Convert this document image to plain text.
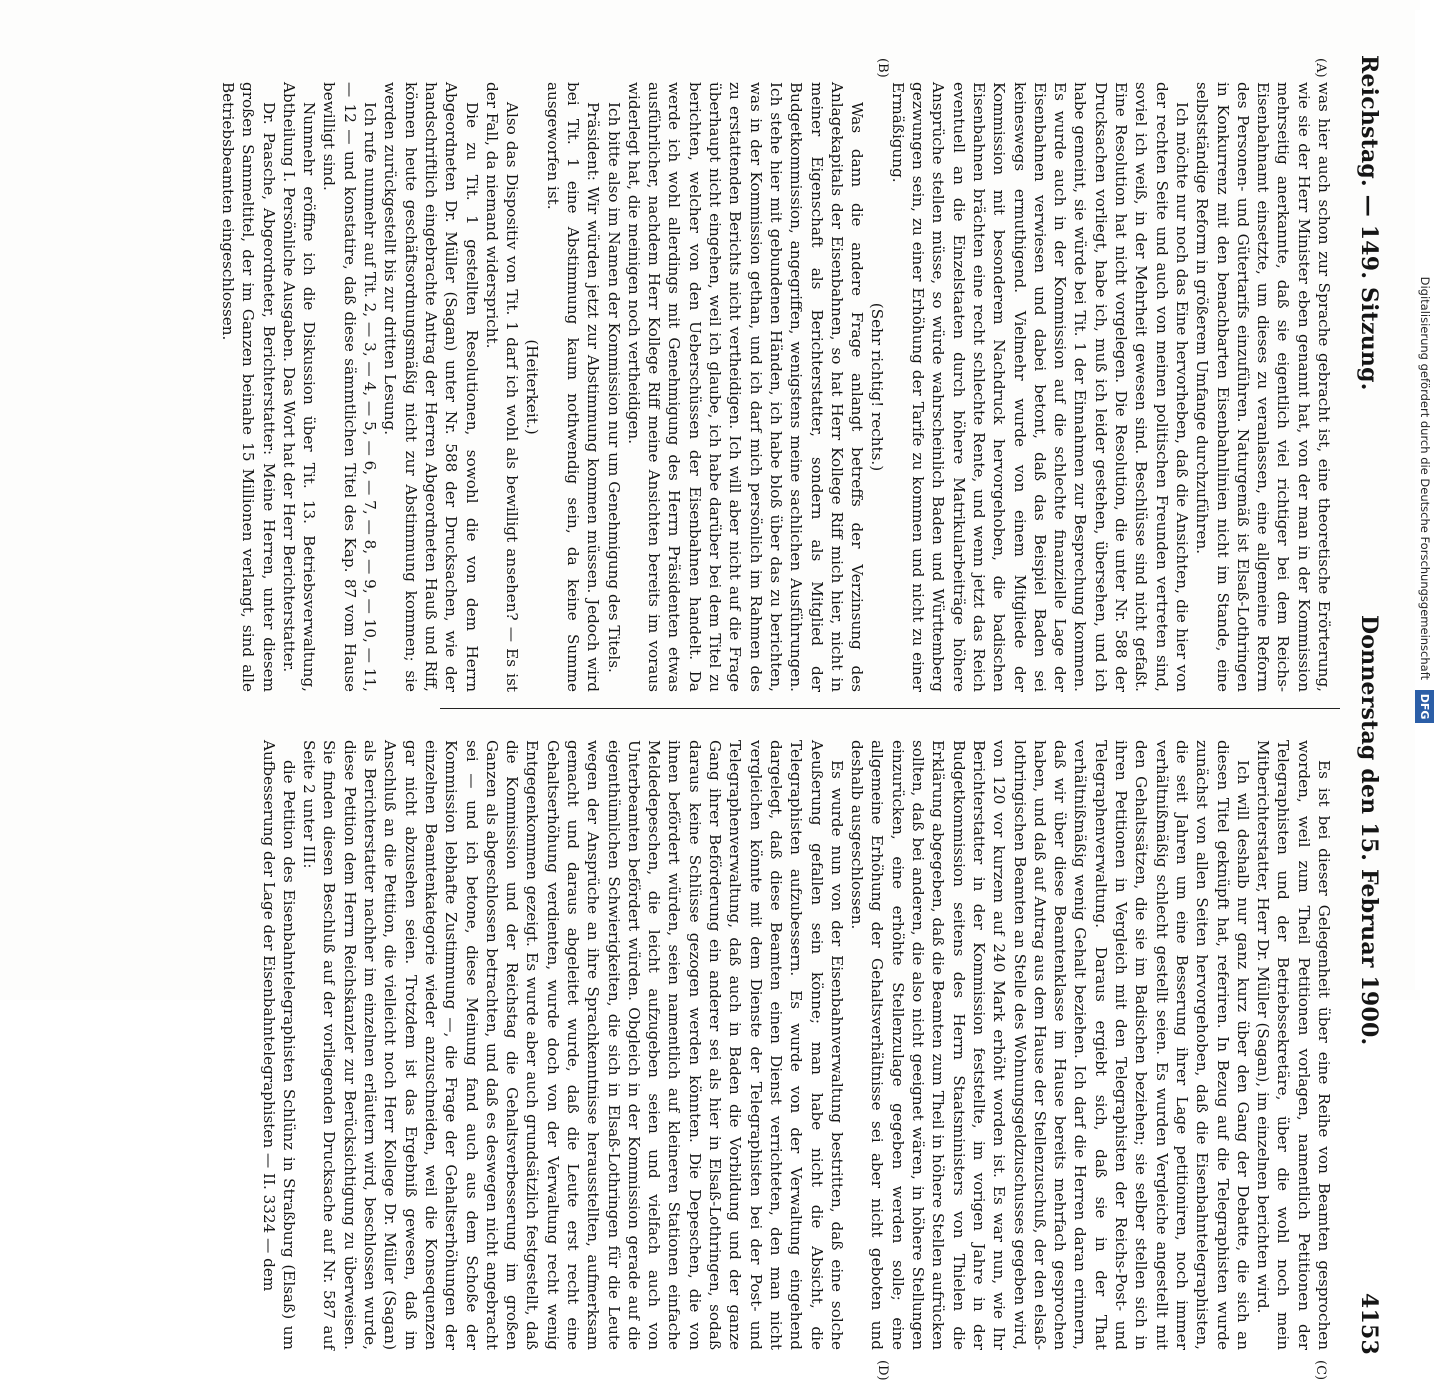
Reichstag. — 149. Sitzung.
Donnerstag den 15. Februar 1900.
4153
(A)
(B)
(C)
(D)

was hier auch schon zur Sprache gebracht ist, eine theoretische Erörterung, wie sie der Herr Minister eben genannt hat, von der man in der Kommission mehrseitig anerkannte, daß sie eigentlich viel richtiger bei dem Reichs-Eisenbahnamt einsetzte, um dieses zu veranlassen, eine allgemeine Reform des Personen- und Gütertarifs einzuführen. Naturgemäß ist Elsaß-Lothringen in Konkurrenz mit den benachbarten Eisenbahnlinien nicht im Stande, eine selbstständige Reform in größerem Umfange durchzuführen.

Ich möchte nur noch das Eine hervorheben, daß die Ansichten, die hier von der rechten Seite und auch von meinen politischen Freunden vertreten sind, soviel ich weiß, in der Mehrheit gewesen sind. Beschlüsse sind nicht gefaßt. Eine Resolution hat nicht vorgelegen. Die Resolution, die unter Nr. 588 der Drucksachen vorliegt, habe ich, muß ich leider gestehen, übersehen, und ich habe gemeint, sie würde bei Tit. 1 der Einnahmen zur Besprechung kommen. Es wurde auch in der Kommission auf die schlechte finanzielle Lage der Eisenbahnen verwiesen und dabei betont, daß das Beispiel Baden sei keineswegs ermuthigend. Vielmehr wurde von einem Mitgliede der Kommission mit besonderem Nachdruck hervorgehoben, die badischen Eisenbahnen brächten eine recht schlechte Rente, und wenn jetzt das Reich eventuell an die Einzelstaaten durch höhere Matrikularbeiträge höhere Ansprüche stellen müsse, so würde wahrscheinlich Baden und Württemberg gezwungen sein, zu einer Erhöhung der Tarife zu kommen und nicht zu einer Ermäßigung.

(Sehr richtig! rechts.)

Was dann die andere Frage anlangt betreffs der Verzinsung des Anlagekapitals der Eisenbahnen, so hat Herr Kollege Riff mich hier, nicht in meiner Eigenschaft als Berichterstatter, sondern als Mitglied der Budgetkommission, angegriffen, wenigstens meine sachlichen Ausführungen. Ich stehe hier mit gebundenen Händen, ich habe bloß über das zu berichten, was in der Kommission gethan, und ich darf mich persönlich im Rahmen des zu erstattenden Berichts nicht vertheidigen. Ich will aber nicht auf die Frage überhaupt nicht eingehen, weil ich glaube, ich habe darüber bei dem Titel zu berichten, welcher von den Ueberschüssen der Eisenbahnen handelt. Da werde ich wohl allerdings mit Genehmigung des Herrn Präsidenten etwas ausführlicher, nachdem Herr Kollege Riff meine Ansichten bereits im voraus widerlegt hat, die meinigen noch vertheidigen.

Ich bitte also im Namen der Kommission nur um Genehmigung des Titels.

Präsident: Wir würden jetzt zur Abstimmung kommen müssen. Jedoch wird bei Tit. 1 eine Abstimmung kaum nothwendig sein, da keine Summe ausgeworfen ist.

(Heiterkeit.)

Also das Dispositiv von Tit. 1 darf ich wohl als bewilligt ansehen? — Es ist der Fall, da niemand widerspricht.

Die zu Tit. 1 gestellten Resolutionen, sowohl die von dem Herrn Abgeordneten Dr. Müller (Sagan) unter Nr. 588 der Drucksachen, wie der handschriftlich eingebrachte Antrag der Herren Abgeordneten Hauß und Riff, können heute geschäftsordnungsmäßig nicht zur Abstimmung kommen; sie werden zurückgestellt bis zur dritten Lesung.

Ich rufe nunmehr auf Tit. 2, — 3, — 4, — 5, — 6, — 7, — 8, — 9, — 10, — 11, — 12 — und konstatire, daß diese sämmtlichen Titel des Kap. 87 vom Hause bewilligt sind.

Nunmehr eröffne ich die Diskussion über Tit. 13. Betriebsverwaltung, Abtheilung I. Persönliche Ausgaben. Das Wort hat der Herr Berichterstatter.

Dr. Paasche, Abgeordneter, Berichterstatter: Meine Herren, unter diesem großen Sammeltitel, der im Ganzen beinahe 15 Millionen verlangt, sind alle Betriebsbeamten eingeschlossen.

Es ist bei dieser Gelegenheit über eine Reihe von Beamten gesprochen worden, weil zum Theil Petitionen vorlagen, namentlich Petitionen der Telegraphisten und der Betriebssekretäre, über die wohl noch mein Mitberichterstatter, Herr Dr. Müller (Sagan), im einzelnen berichten wird.

Ich will deshalb nur ganz kurz über den Gang der Debatte, die sich an diesen Titel geknüpft hat, referiren. In Bezug auf die Telegraphisten wurde zunächst von allen Seiten hervorgehoben, daß die Eisenbahntelegraphisten, die seit Jahren um eine Besserung ihrer Lage petitioniren, noch immer verhältnißmäßig schlecht gestellt seien. Es wurden Vergleiche angestellt mit den Gehaltssätzen, die sie im Badischen beziehen; sie selber stellen sich in ihren Petitionen in Vergleich mit den Telegraphisten der Reichs-Post- und Telegraphenverwaltung. Daraus ergiebt sich, daß sie in der That verhältnißmäßig wenig Gehalt beziehen. Ich darf die Herren daran erinnern, daß wir über diese Beamtenklasse im Hause bereits mehrfach gesprochen haben, und daß auf Antrag aus dem Hause der Stellenzuschuß, der den elsaß-lothringischen Beamten an Stelle des Wohnungsgeldzuschusses gegeben wird, von 120 vor kurzem auf 240 Mark erhöht worden ist. Es war nun, wie Ihr Berichterstatter in der Kommission feststellte, im vorigen Jahre in der Budgetkommission seitens des Herrn Staatsministers von Thielen die Erklärung abgegeben, daß die Beamten zum Theil in höhere Stellen aufrücken sollten, daß bei anderen, die also nicht geeignet wären, in höhere Stellungen einzurücken, eine erhöhte Stellenzulage gegeben werden solle; eine allgemeine Erhöhung der Gehaltsverhältnisse sei aber nicht geboten und deshalb ausgeschlossen.

Es wurde nun von der Eisenbahnverwaltung bestritten, daß eine solche Aeußerung gefallen sein könne; man habe nicht die Absicht, die Telegraphisten aufzubessern. Es wurde von der Verwaltung eingehend dargelegt, daß diese Beamten einen Dienst verrichteten, den man nicht vergleichen könnte mit dem Dienste der Telegraphisten bei der Post- und Telegraphenverwaltung, daß auch in Baden die Vorbildung und der ganze Gang ihrer Beförderung ein anderer sei als hier in Elsaß-Lothringen, sodaß daraus keine Schlüsse gezogen werden könnten. Die Depeschen, die von ihnen befördert würden, seien namentlich auf kleineren Stationen einfache Meldedepeschen, die leicht aufzugeben seien und vielfach auch von Unterbeamten befördert würden. Obgleich in der Kommission gerade auf die eigenthümlichen Schwierigkeiten, die sich in Elsaß-Lothringen für die Leute wegen der Ansprüche an ihre Sprachkenntnisse herausstellten, aufmerksam gemacht und daraus abgeleitet wurde, daß die Leute erst recht eine Gehaltserhöhung verdienten, wurde doch von der Verwaltung recht wenig Entgegenkommen gezeigt. Es wurde aber auch grundsätzlich festgestellt, daß die Kommission und der Reichstag die Gehaltsverbesserung im großen Ganzen als abgeschlossen betrachten, und daß es deswegen nicht angebracht sei — und ich betone, diese Meinung fand auch aus dem Schoße der Kommission lebhafte Zustimmung —, die Frage der Gehaltserhöhungen der einzelnen Beamtenkategorie wieder anzuschneiden, weil die Konsequenzen gar nicht abzusehen seien. Trotzdem ist das Ergebniß gewesen, daß im Anschluß an die Petition, die vielleicht noch Herr Kollege Dr. Müller (Sagan) als Berichterstatter nachher im einzelnen erläutern wird, beschlossen wurde, diese Petition dem Herrn Reichskanzler zur Berücksichtigung zu überweisen. Sie finden diesen Beschluß auf der vorliegenden Drucksache auf Nr. 587 auf Seite 2 unter III:

die Petition des Eisenbahntelegraphisten Schlünz in Straßburg (Elsaß) um Aufbesserung der Lage der Eisenbahntelegraphisten — II. 3324 — dem

Digitalisierung gefördert durch die Deutsche Forschungsgemeinschaft DFG
